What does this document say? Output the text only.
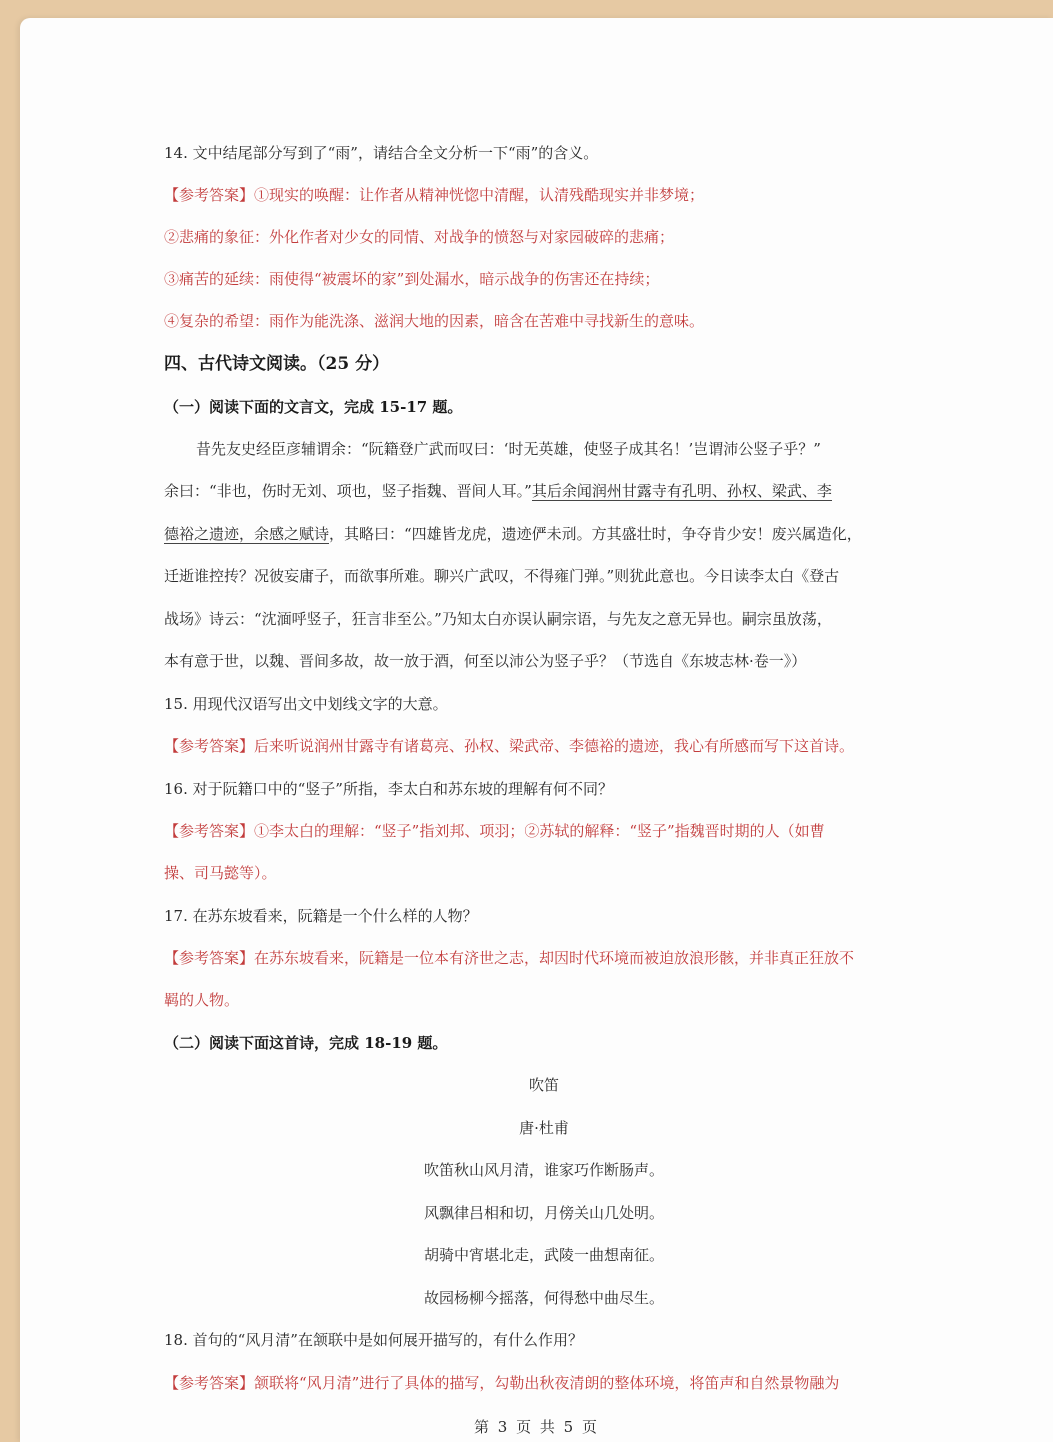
14. 文中结尾部分写到了“雨”，请结合全文分析一下“雨”的含义。
【参考答案】①现实的唤醒：让作者从精神恍惚中清醒，认清残酷现实并非梦境；
②悲痛的象征：外化作者对少女的同情、对战争的愤怒与对家园破碎的悲痛；
③痛苦的延续：雨使得“被震坏的家”到处漏水，暗示战争的伤害还在持续；
④复杂的希望：雨作为能洗涤、滋润大地的因素，暗含在苦难中寻找新生的意味。
四、古代诗文阅读。（25 分）
（一）阅读下面的文言文，完成 15-17 题。
昔先友史经臣彦辅谓余：“阮籍登广武而叹曰：‘时无英雄，使竖子成其名！’岂谓沛公竖子乎？”
余曰：“非也，伤时无刘、项也，竖子指魏、晋间人耳。”其后余闻润州甘露寺有孔明、孙权、梁武、李
德裕之遗迹，余感之赋诗，其略曰：“四雄皆龙虎，遗迹俨未刓。方其盛壮时，争夺肯少安！废兴属造化，
迁逝谁控抟？况彼妄庸子，而欲事所难。聊兴广武叹，不得雍门弹。”则犹此意也。今日读李太白《登古
战场》诗云：“沈湎呼竖子，狂言非至公。”乃知太白亦误认嗣宗语，与先友之意无异也。嗣宗虽放荡，
本有意于世，以魏、晋间多故，故一放于酒，何至以沛公为竖子乎？（节选自《东坡志林·卷一》）
15. 用现代汉语写出文中划线文字的大意。
【参考答案】后来听说润州甘露寺有诸葛亮、孙权、梁武帝、李德裕的遗迹，我心有所感而写下这首诗。
16. 对于阮籍口中的“竖子”所指，李太白和苏东坡的理解有何不同？
【参考答案】①李太白的理解：“竖子”指刘邦、项羽；②苏轼的解释：“竖子”指魏晋时期的人（如曹
操、司马懿等）。
17. 在苏东坡看来，阮籍是一个什么样的人物？
【参考答案】在苏东坡看来，阮籍是一位本有济世之志，却因时代环境而被迫放浪形骸，并非真正狂放不
羁的人物。
（二）阅读下面这首诗，完成 18-19 题。
吹笛
唐·杜甫
吹笛秋山风月清，谁家巧作断肠声。
风飘律吕相和切，月傍关山几处明。
胡骑中宵堪北走，武陵一曲想南征。
故园杨柳今摇落，何得愁中曲尽生。
18. 首句的“风月清”在颔联中是如何展开描写的，有什么作用？
【参考答案】颔联将“风月清”进行了具体的描写，勾勒出秋夜清朗的整体环境，将笛声和自然景物融为
第 3 页 共 5 页
